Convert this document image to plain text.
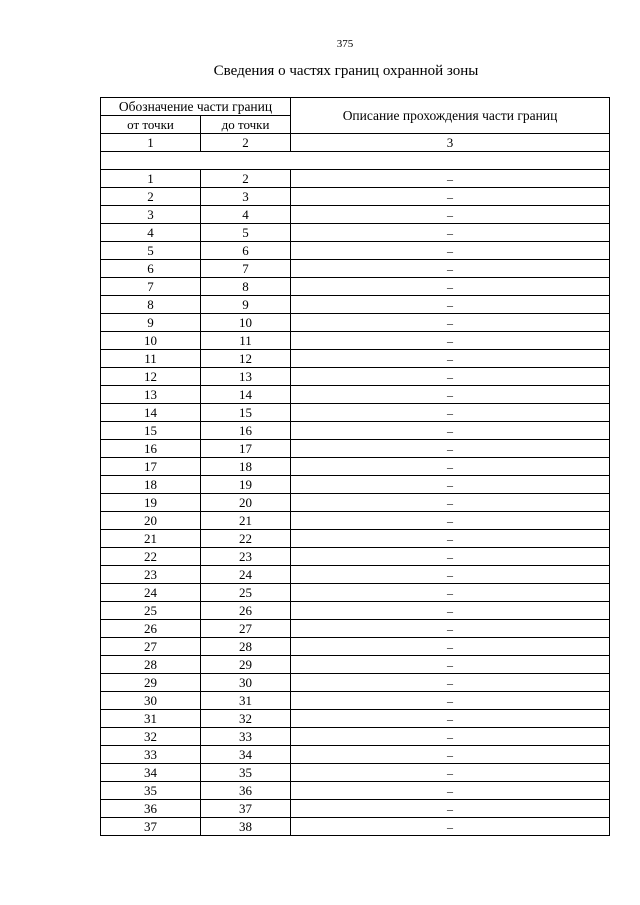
375
Сведения о частях границ охранной зоны
Обозначение части границ		Описание прохождения части границ
от точки	до точки	
1	2	3

1	2	–
2	3	–
3	4	–
4	5	–
5	6	–
6	7	–
7	8	–
8	9	–
9	10	–
10	11	–
11	12	–
12	13	–
13	14	–
14	15	–
15	16	–
16	17	–
17	18	–
18	19	–
19	20	–
20	21	–
21	22	–
22	23	–
23	24	–
24	25	–
25	26	–
26	27	–
27	28	–
28	29	–
29	30	–
30	31	–
31	32	–
32	33	–
33	34	–
34	35	–
35	36	–
36	37	–
37	38	–
